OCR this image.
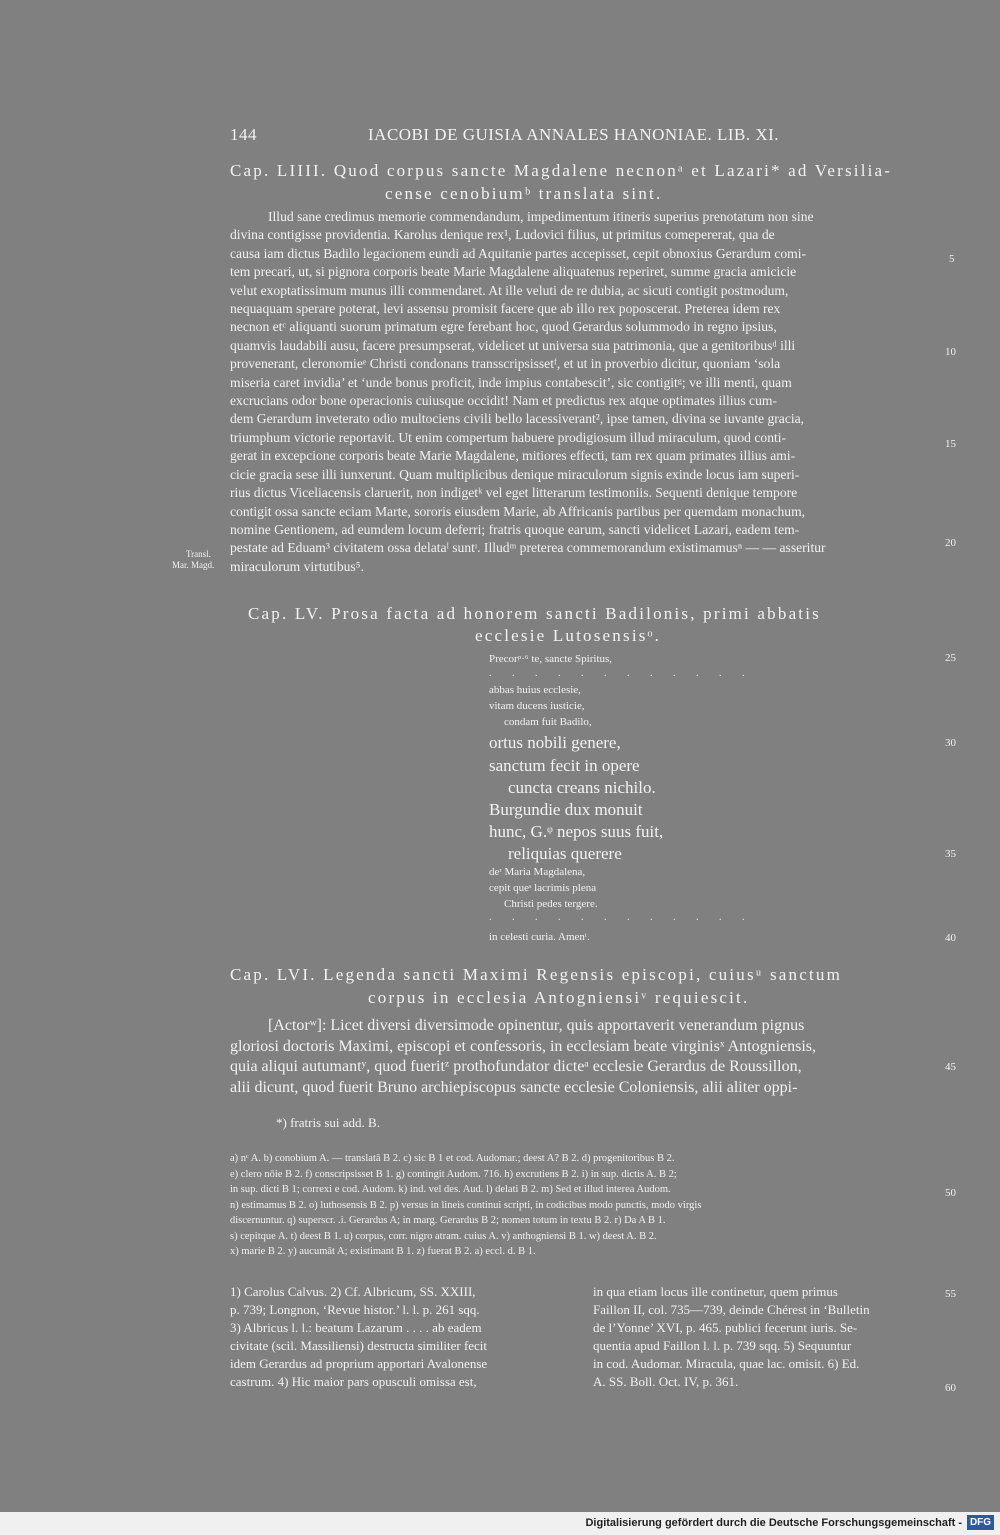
144	IACOBI DE GUISIA ANNALES HANONIAE. LIB. XI.
Cap. LIIII. Quod corpus sancte Magdalene necnonᵃ et Lazari* ad Versilia-
cense cenobiumᵇ translata sint.
Illud sane credimus memorie commendandum, impedimentum itineris superius prenotatum non sine
divina contigisse providentia. Karolus denique rex¹, Ludovici filius, ut primitus comepererat, qua de
causa iam dictus Badilo legacionem eundi ad Aquitanie partes accepisset, cepit obnoxius Gerardum comi-
tem precari, ut, si pignora corporis beate Marie Magdalene aliquatenus reperiret, summe gracia amicicie
velut exoptatissimum munus illi commendaret. At ille veluti de re dubia, ac sicuti contigit postmodum,
nequaquam sperare poterat, levi assensu promisit facere que ab illo rex poposcerat. Preterea idem rex
necnon etᶜ aliquanti suorum primatum egre ferebant hoc, quod Gerardus solummodo in regno ipsius,
quamvis laudabili ausu, facere presumpserat, videlicet ut universa sua patrimonia, que a genitoribusᵈ illi
provenerant, cleronomieᵉ Christi condonans transscripsissetᶠ, et ut in proverbio dicitur, quoniam ‘sola
miseria caret invidia’ et ‘unde bonus proficit, inde impius contabescit’, sic contigitᵍ; ve illi menti, quam
excrucians odor bone operacionis cuiusque occidit! Nam et predictus rex atque optimates illius cum-
dem Gerardum inveterato odio multociens civili bello lacessiverant², ipse tamen, divina se iuvante gracia,
triumphum victorie reportavit. Ut enim compertum habuere prodigiosum illud miraculum, quod conti-
gerat in excepcione corporis beate Marie Magdalene, mitiores effecti, tam rex quam primates illius ami-
cicie gracia sese illi iunxerunt. Quam multiplicibus denique miraculorum signis exinde locus iam superi-
rius dictus Viceliacensis claruerit, non indigetᵏ vel eget litterarum testimoniis. Sequenti denique tempore
contigit ossa sancte eciam Marte, sororis eiusdem Marie, ab Affricanis partibus per quemdam monachum,
nomine Gentionem, ad eumdem locum deferri; fratris quoque earum, sancti videlicet Lazari, eadem tem-
pestate ad Eduam³ civitatem ossa delataˡ suntᶦ. Illudᵐ preterea commemorandum existimamusⁿ — — asseritur
miraculorum virtutibus⁵.
Transl.
Mar. Magd.
Cap. LV. Prosa facta ad honorem sancti Badilonis, primi abbatis
ecclesie Lutosensisᵒ.
Precorᵖ·⁶ te, sancte Spiritus,
. . . . . . . . . . . .
abbas huius ecclesie,
vitam ducens iusticie,
condam fuit Badilo,
ortus nobili genere,
sanctum fecit in opere
cuncta creans nichilo.
Burgundie dux monuit
hunc, G.ᵠ nepos suus fuit,
reliquias querere
deʳ Maria Magdalena,
cepit queˢ lacrimis plena
Christi pedes tergere.
. . . . . . . . . . . .
in celesti curia. Amenᵗ.
Cap. LVI. Legenda sancti Maximi Regensis episcopi, cuiusᵘ sanctum
corpus in ecclesia Antogniensiᵛ requiescit.
[Actorʷ]: Licet diversi diversimode opinentur, quis apportaverit venerandum pignus
gloriosi doctoris Maximi, episcopi et confessoris, in ecclesiam beate virginisˣ Antogniensis,
quia aliqui autumantʸ, quod fueritᶻ prothofundator dicteᵃ ecclesie Gerardus de Roussillon,
alii dicunt, quod fuerit Bruno archiepiscopus sancte ecclesie Coloniensis, alii aliter oppi-
5
10
15
20
25
30
35
40
45
50
55
60
*) fratris sui add. B.
a) nᶜ A. b) conobium A. — translatā B 2. c) sic B 1 et cod. Audomar.; deest A? B 2. d) progenitoribus B 2.
e) clero nōie B 2. f) conscripsisset B 1. g) contingit Audom. 716. h) excrutiens B 2. i) in sup. dictis A. B 2;
in sup. dicti B 1; correxi e cod. Audom. k) ind. vel des. Aud. l) delati B 2. m) Sed et illud interea Audom.
n) estimamus B 2. o) luthosensis B 2. p) versus in lineis continui scripti, in codicibus modo punctis, modo virgis
discernuntur. q) superscr. .i. Gerardus A; in marg. Gerardus B 2; nomen totum in textu B 2. r) Da A B 1.
s) cepitque A. t) deest B 1. u) corpus, corr. nigro atram. cuius A. v) anthogniensi B 1. w) deest A. B 2.
x) marie B 2. y) aucumāt A; existimant B 1. z) fuerat B 2. a) eccl. d. B 1.
1) Carolus Calvus. 2) Cf. Albricum, SS. XXIII,
p. 739; Longnon, ‘Revue histor.’ l. l. p. 261 sqq.
3) Albricus l. l.: beatum Lazarum . . . . ab eadem
civitate (scil. Massiliensi) destructa similiter fecit
idem Gerardus ad proprium apportari Avalonense
castrum. 4) Hic maior pars opusculi omissa est,
in qua etiam locus ille continetur, quem primus
Faillon II, col. 735—739, deinde Chérest in ‘Bulletin
de l’Yonne’ XVI, p. 465. publici fecerunt iuris. Se-
quentia apud Faillon l. l. p. 739 sqq. 5) Sequuntur
in cod. Audomar. Miracula, quae lac. omisit. 6) Ed.
A. SS. Boll. Oct. IV, p. 361.
Digitalisierung gefördert durch die Deutsche Forschungsgemeinschaft - DFG
